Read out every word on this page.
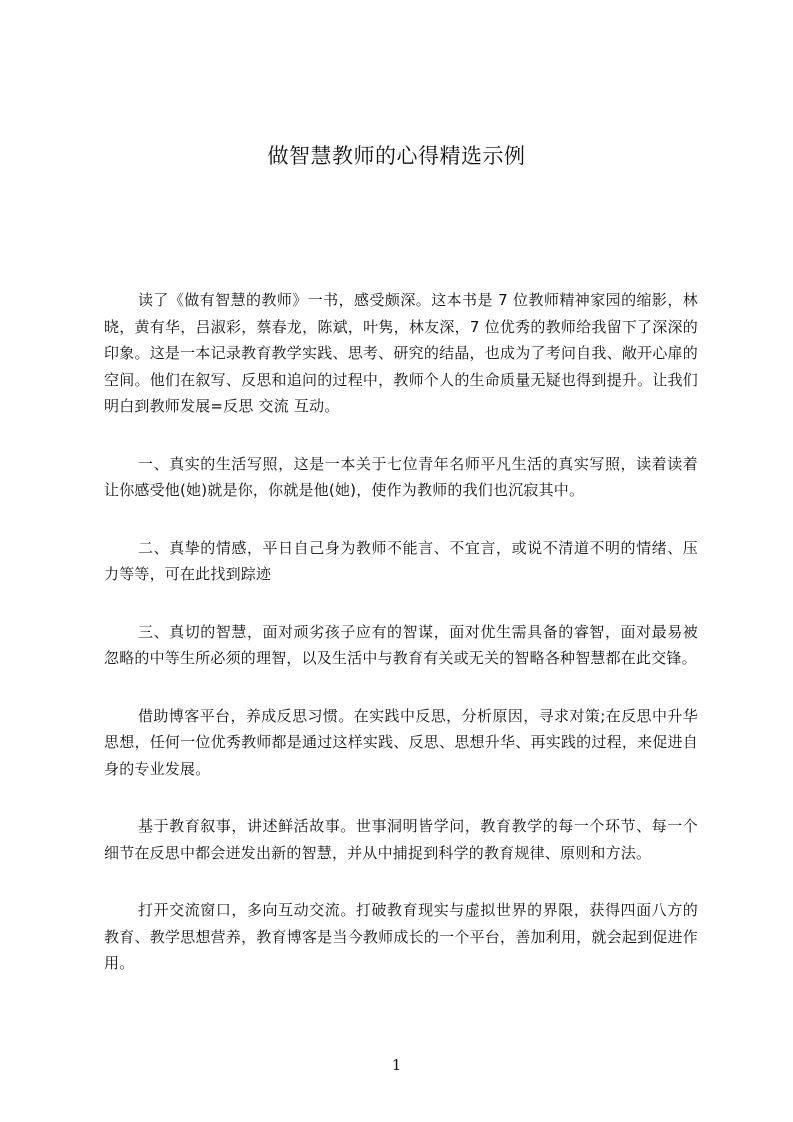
做智慧教师的心得精选示例

读了《做有智慧的教师》一书，感受颇深。这本书是 7 位教师精神家园的缩影，林晓，黄有华，吕淑彩，蔡春龙，陈斌，叶隽，林友深，7 位优秀的教师给我留下了深深的印象。这是一本记录教育教学实践、思考、研究的结晶，也成为了考问自我、敞开心扉的空间。他们在叙写、反思和追问的过程中，教师个人的生命质量无疑也得到提升。让我们明白到教师发展=反思 交流 互动。

一、真实的生活写照，这是一本关于七位青年名师平凡生活的真实写照，读着读着让你感受他(她)就是你，你就是他(她)，使作为教师的我们也沉寂其中。

二、真挚的情感，平日自己身为教师不能言、不宜言，或说不清道不明的情绪、压力等等，可在此找到踪迹

三、真切的智慧，面对顽劣孩子应有的智谋，面对优生需具备的睿智，面对最易被忽略的中等生所必须的理智，以及生活中与教育有关或无关的智略各种智慧都在此交锋。

借助博客平台，养成反思习惯。在实践中反思，分析原因，寻求对策;在反思中升华思想，任何一位优秀教师都是通过这样实践、反思、思想升华、再实践的过程，来促进自身的专业发展。

基于教育叙事，讲述鲜活故事。世事洞明皆学问，教育教学的每一个环节、每一个细节在反思中都会迸发出新的智慧，并从中捕捉到科学的教育规律、原则和方法。

打开交流窗口，多向互动交流。打破教育现实与虚拟世界的界限，获得四面八方的教育、教学思想营养，教育博客是当今教师成长的一个平台，善加利用，就会起到促进作用。

1
